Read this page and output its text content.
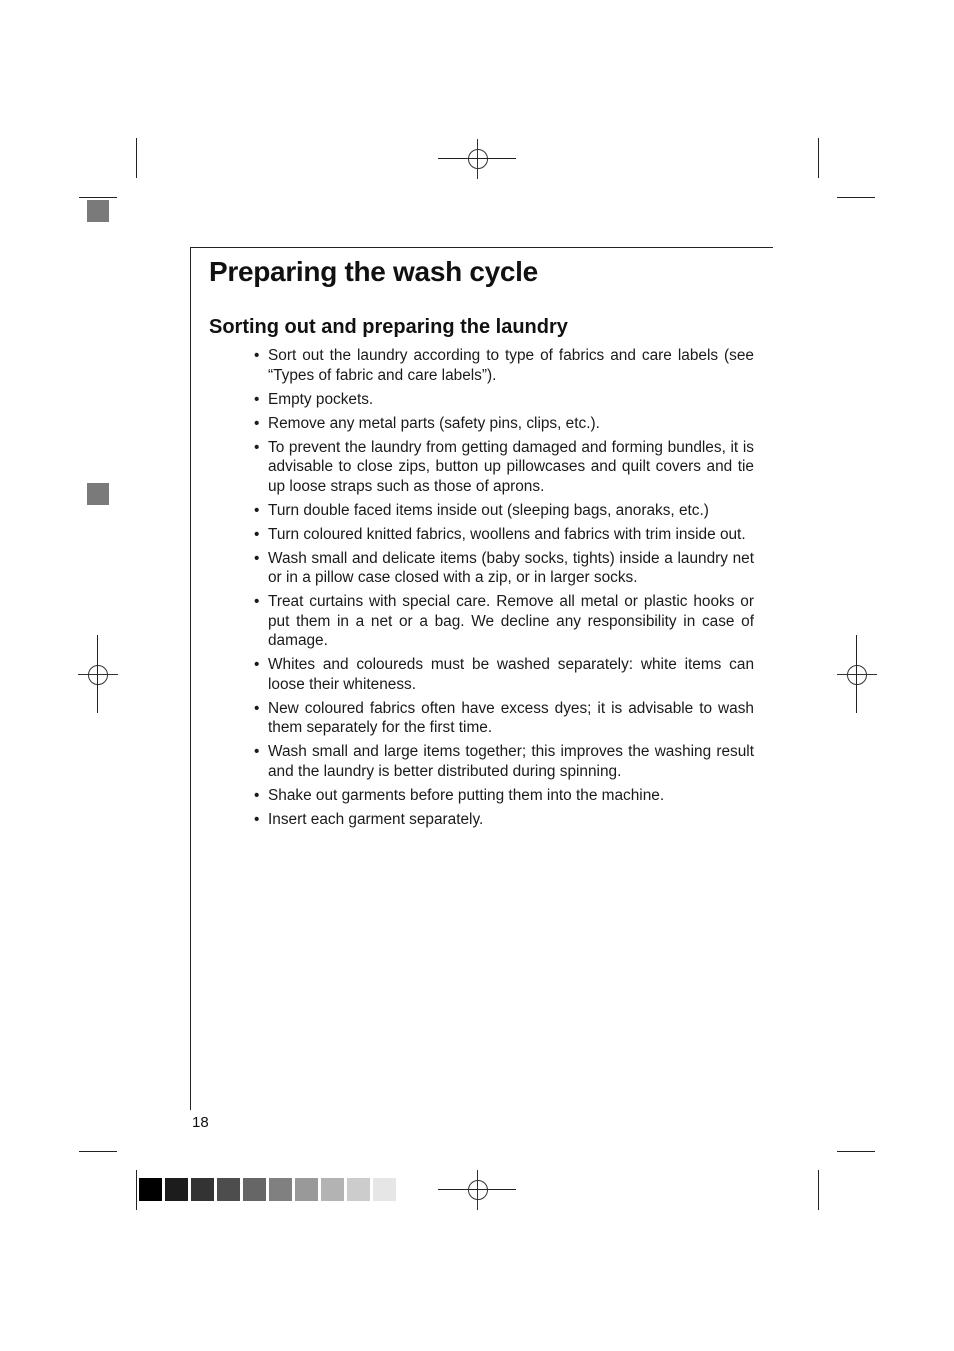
Preparing the wash cycle
Sorting out and preparing the laundry
• Sort out the laundry according to type of fabrics and care labels (see “Types of fabric and care labels”).
• Empty pockets.
• Remove any metal parts (safety pins, clips, etc.).
• To prevent the laundry from getting damaged and forming bundles, it is advisable to close zips, button up pillowcases and quilt covers and tie up loose straps such as those of aprons.
• Turn double faced items inside out (sleeping bags, anoraks, etc.)
• Turn coloured knitted fabrics, woollens and fabrics with trim inside out.
• Wash small and delicate items (baby socks, tights) inside a laundry net or in a pillow case closed with a zip, or in larger socks.
• Treat curtains with special care. Remove all metal or plastic hooks or put them in a net or a bag. We decline any responsibility in case of damage.
• Whites and coloureds must be washed separately: white items can loose their whiteness.
• New coloured fabrics often have excess dyes; it is advisable to wash them separately for the first time.
• Wash small and large items together; this improves the washing result and the laundry is better distributed during spinning.
• Shake out garments before putting them into the machine.
• Insert each garment separately.
18
